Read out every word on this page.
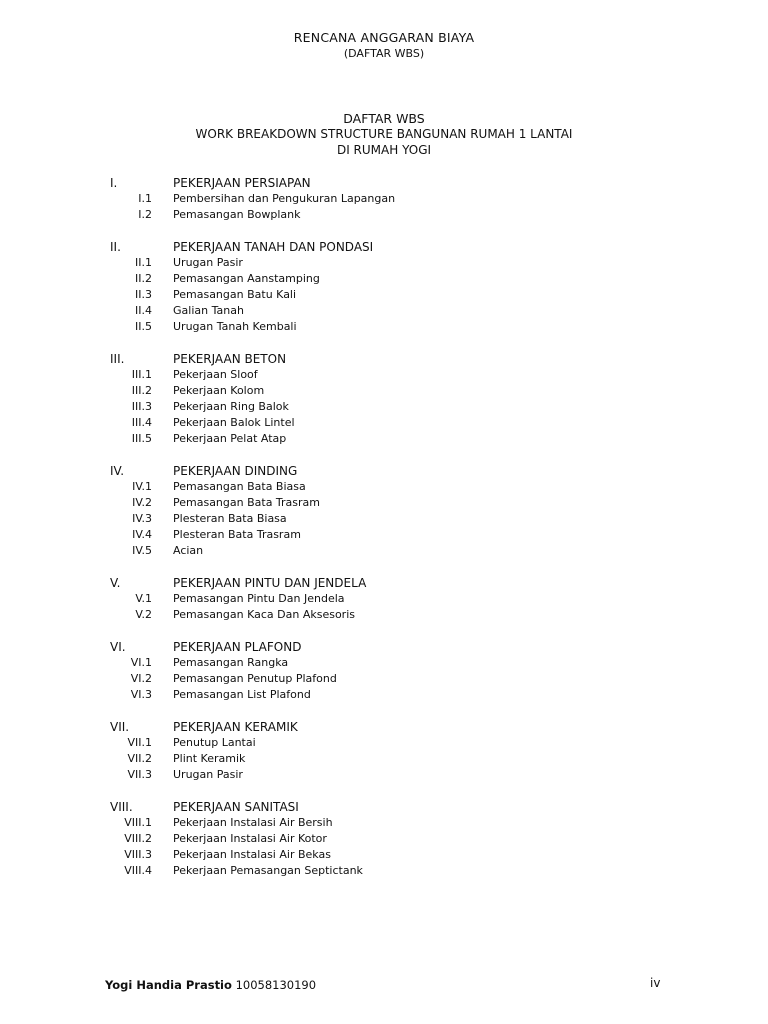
RENCANA ANGGARAN BIAYA
(DAFTAR WBS)
DAFTAR WBS
WORK BREAKDOWN STRUCTURE BANGUNAN RUMAH 1 LANTAI
DI RUMAH YOGI
I.	PEKERJAAN PERSIAPAN
I.1 Pembersihan dan Pengukuran Lapangan
I.2 Pemasangan Bowplank
II.	PEKERJAAN TANAH DAN PONDASI
II.1 Urugan Pasir
II.2 Pemasangan Aanstamping
II.3 Pemasangan Batu Kali
II.4 Galian Tanah
II.5 Urugan Tanah Kembali
III.	PEKERJAAN BETON
III.1 Pekerjaan Sloof
III.2 Pekerjaan Kolom
III.3 Pekerjaan Ring Balok
III.4 Pekerjaan Balok Lintel
III.5 Pekerjaan Pelat Atap
IV.	PEKERJAAN DINDING
IV.1 Pemasangan Bata Biasa
IV.2 Pemasangan Bata Trasram
IV.3 Plesteran Bata Biasa
IV.4 Plesteran Bata Trasram
IV.5 Acian
V.	PEKERJAAN PINTU DAN JENDELA
V.1 Pemasangan Pintu Dan Jendela
V.2 Pemasangan Kaca Dan Aksesoris
VI.	PEKERJAAN PLAFOND
VI.1 Pemasangan Rangka
VI.2 Pemasangan Penutup Plafond
VI.3 Pemasangan List Plafond
VII.	PEKERJAAN KERAMIK
VII.1 Penutup Lantai
VII.2 Plint Keramik
VII.3 Urugan Pasir
VIII.	PEKERJAAN SANITASI
VIII.1 Pekerjaan Instalasi Air Bersih
VIII.2 Pekerjaan Instalasi Air Kotor
VIII.3 Pekerjaan Instalasi Air Bekas
VIII.4 Pekerjaan Pemasangan Septictank
Yogi Handia Prastio 10058130190	iv
